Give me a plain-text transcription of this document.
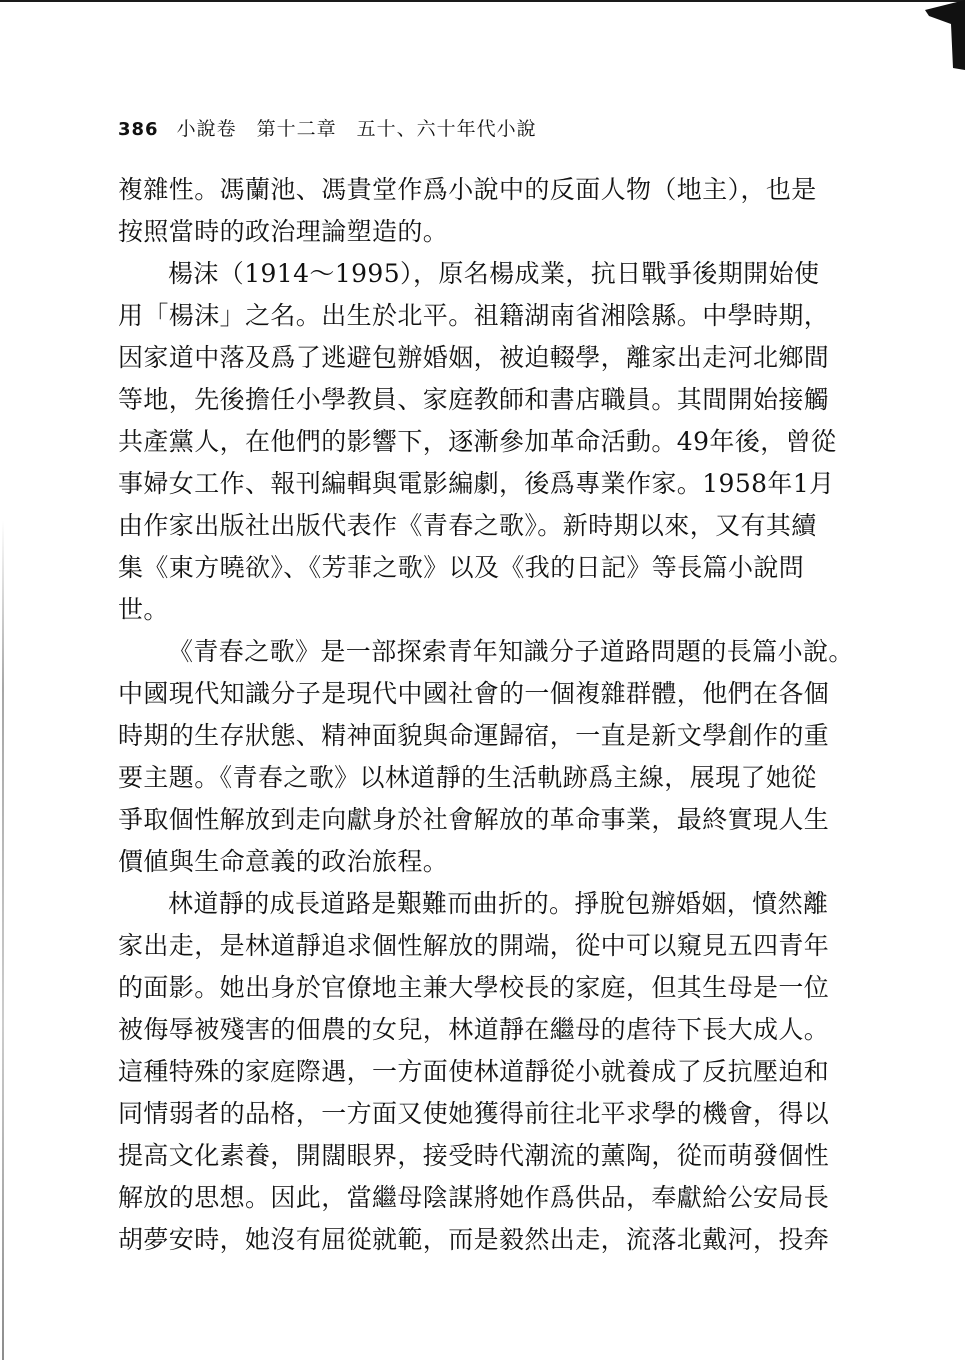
386 小說卷　第十二章　五十、六十年代小說
複雜性。馮蘭池、馮貴堂作爲小說中的反面人物（地主），也是
按照當時的政治理論塑造的。
楊沫（1914～1995），原名楊成業，抗日戰爭後期開始使
用「楊沫」之名。出生於北平。祖籍湖南省湘陰縣。中學時期，
因家道中落及爲了逃避包辦婚姻，被迫輟學，離家出走河北鄉間
等地，先後擔任小學教員、家庭教師和書店職員。其間開始接觸
共產黨人，在他們的影響下，逐漸參加革命活動。49年後，曾從
事婦女工作、報刊編輯與電影編劇，後爲專業作家。1958年1月
由作家出版社出版代表作《青春之歌》。新時期以來，又有其續
集《東方曉欲》、《芳菲之歌》以及《我的日記》等長篇小說問
世。
《青春之歌》是一部探索青年知識分子道路問題的長篇小說。
中國現代知識分子是現代中國社會的一個複雜群體，他們在各個
時期的生存狀態、精神面貌與命運歸宿，一直是新文學創作的重
要主題。《青春之歌》以林道靜的生活軌跡爲主線，展現了她從
爭取個性解放到走向獻身於社會解放的革命事業，最終實現人生
價値與生命意義的政治旅程。
林道靜的成長道路是艱難而曲折的。掙脫包辦婚姻，憤然離
家出走，是林道靜追求個性解放的開端，從中可以窺見五四青年
的面影。她出身於官僚地主兼大學校長的家庭，但其生母是一位
被侮辱被殘害的佃農的女兒，林道靜在繼母的虐待下長大成人。
這種特殊的家庭際遇，一方面使林道靜從小就養成了反抗壓迫和
同情弱者的品格，一方面又使她獲得前往北平求學的機會，得以
提高文化素養，開闊眼界，接受時代潮流的薰陶，從而萌發個性
解放的思想。因此，當繼母陰謀將她作爲供品，奉獻給公安局長
胡夢安時，她沒有屈從就範，而是毅然出走，流落北戴河，投奔
